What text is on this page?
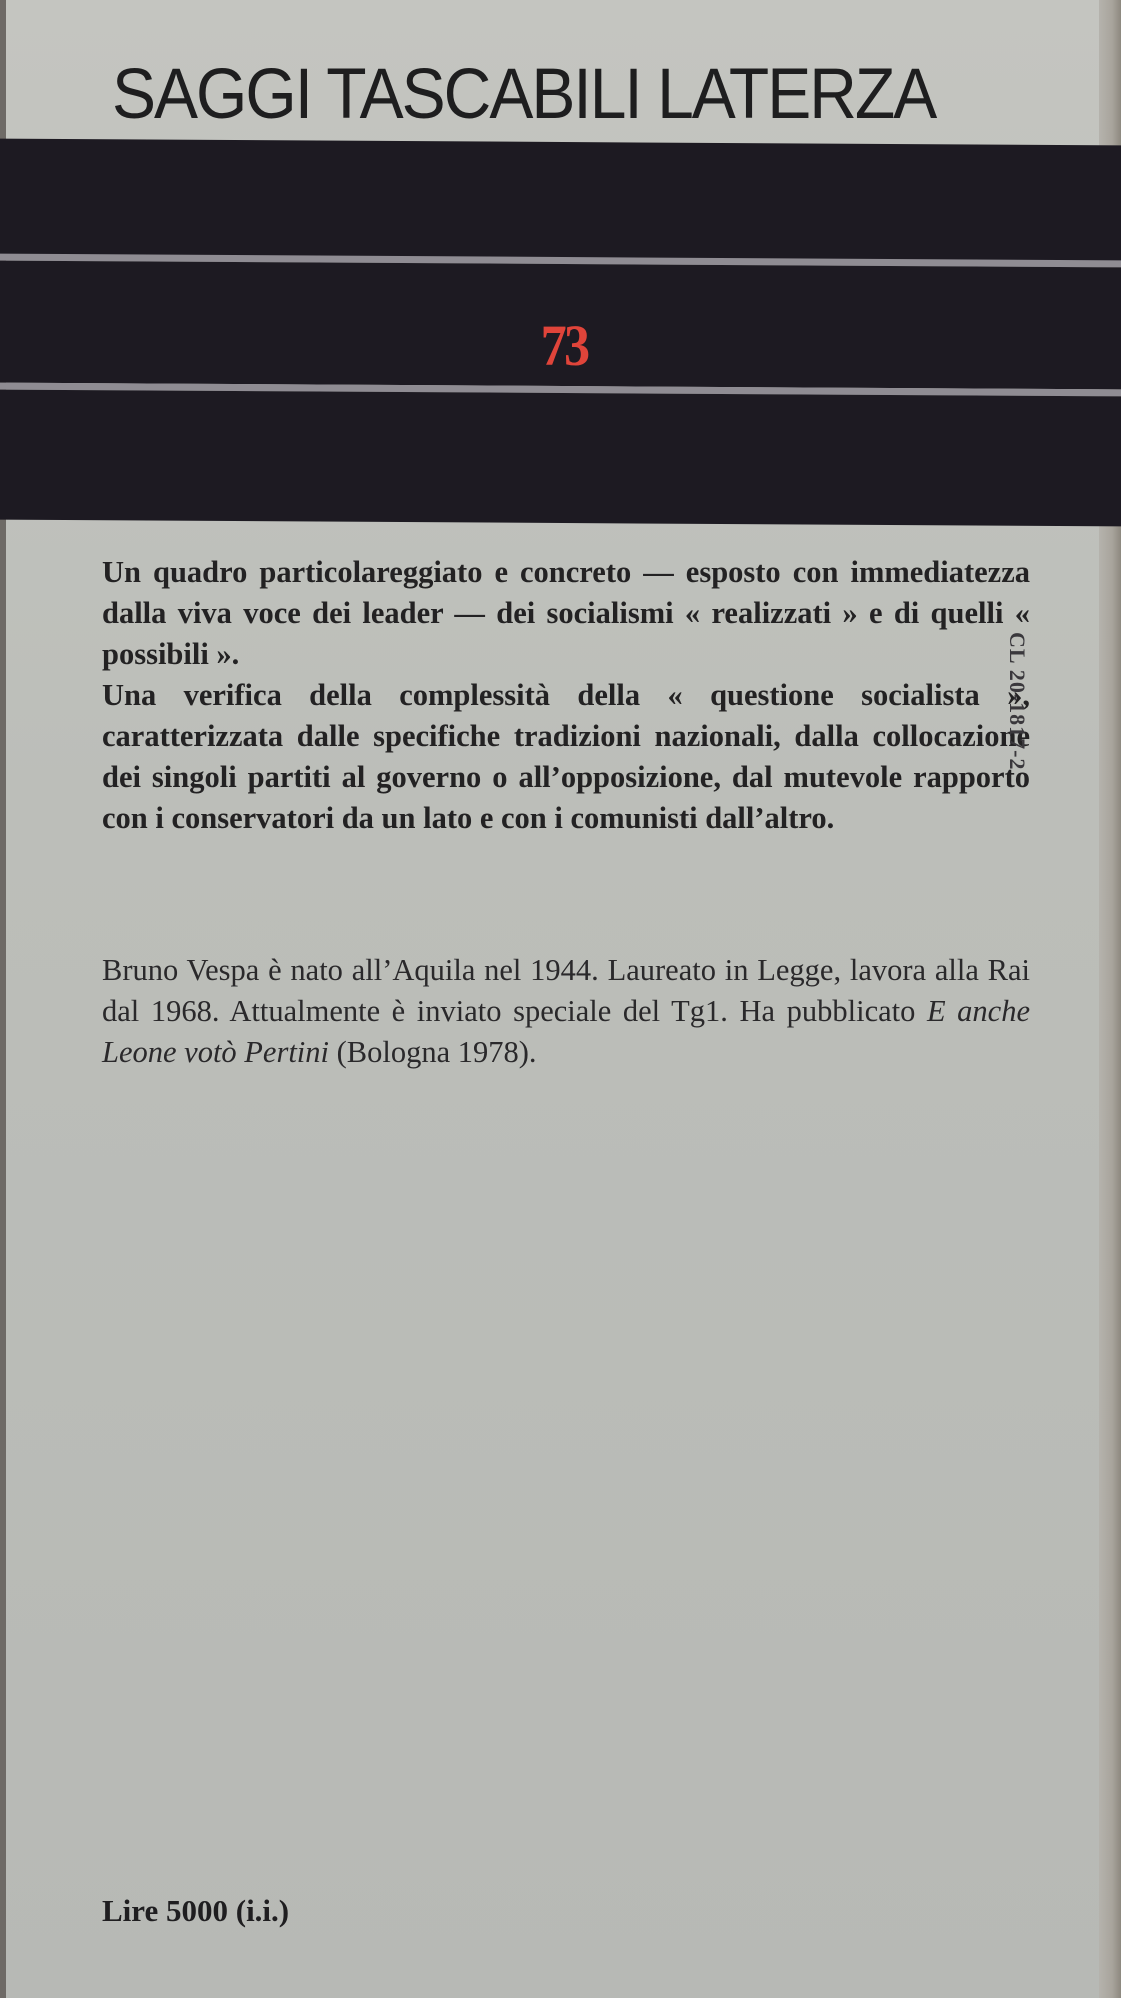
SAGGI TASCABILI LATERZA
73

Un quadro particolareggiato e concreto — esposto con immediatezza dalla viva voce dei leader — dei socialismi « realizzati » e di quelli « possibili ».

Una verifica della complessità della « questione socialista », caratterizzata dalle specifiche tradizioni nazionali, dalla collocazione dei singoli partiti al governo o all’opposizione, dal mutevole rapporto con i conservatori da un lato e con i comunisti dall’altro.

CL 20-1817-2

Bruno Vespa è nato all’Aquila nel 1944. Laureato in Legge, lavora alla Rai dal 1968. Attualmente è inviato speciale del Tg1. Ha pubblicato E anche Leone votò Pertini (Bologna 1978).

Lire 5000 (i.i.)
